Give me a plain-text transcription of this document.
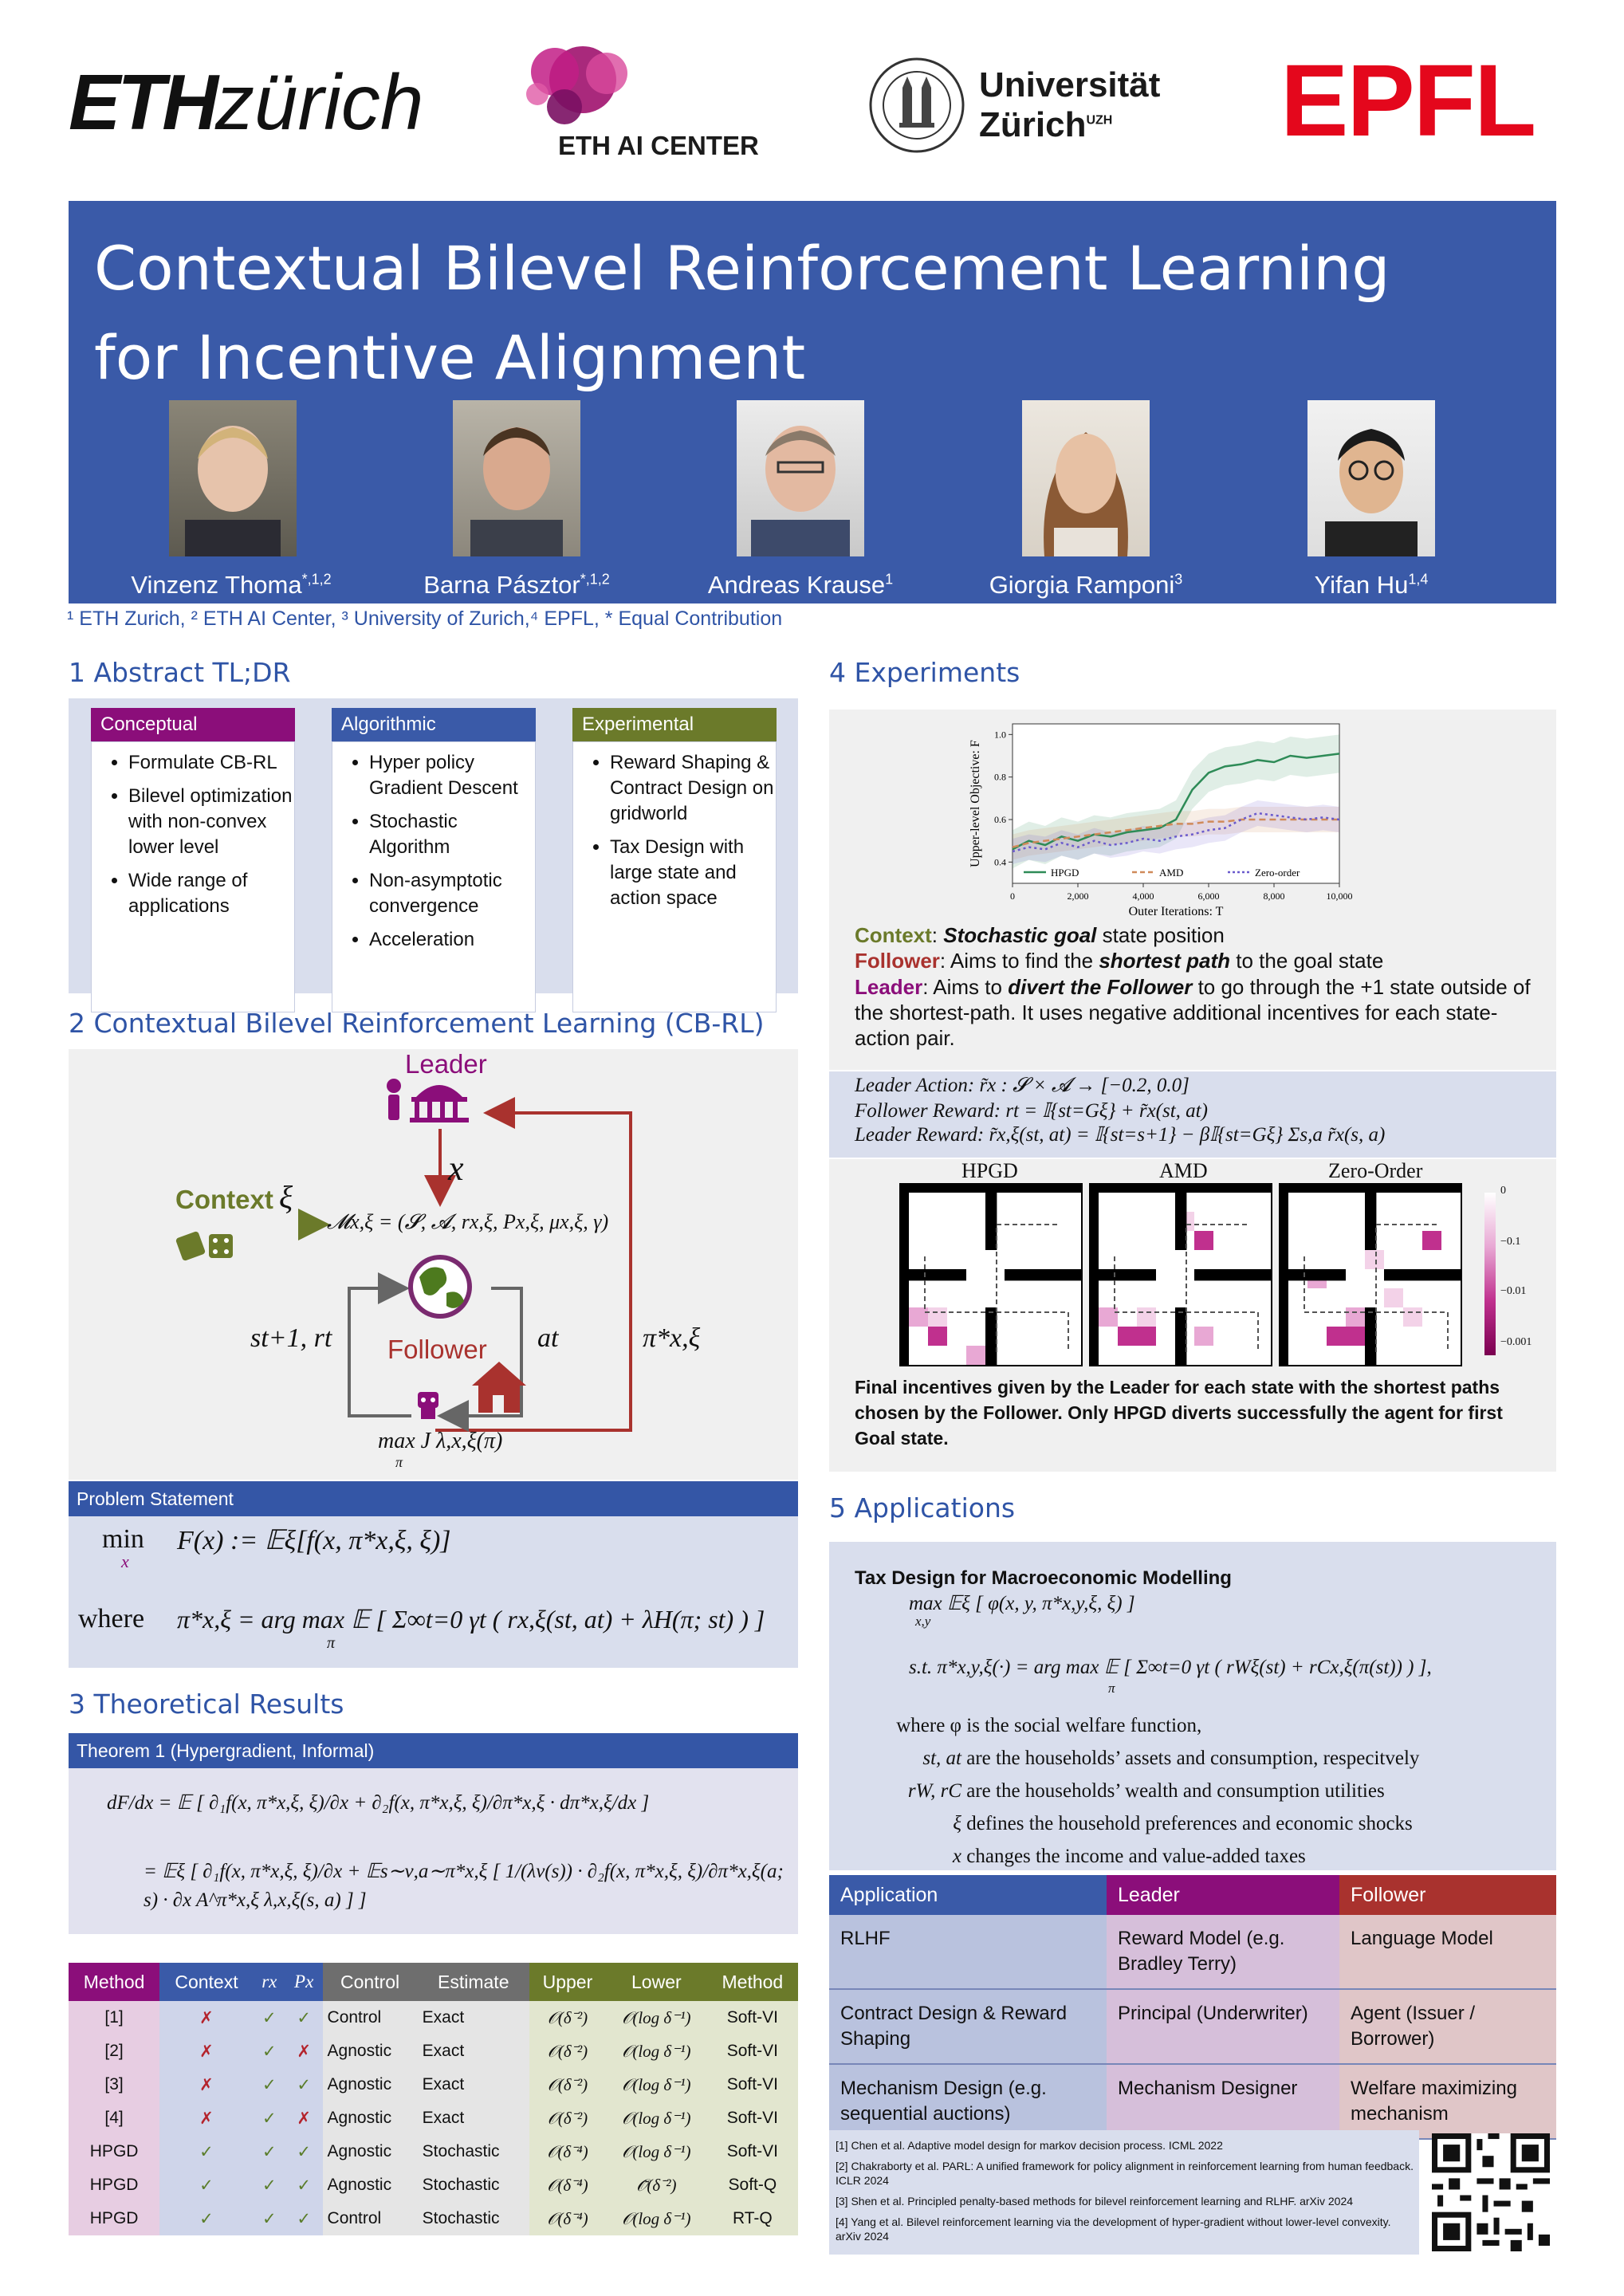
ETHzürich	ETH AI CENTER
Universität
Zürich$^{UZH}$ EPFL
Contextual Bilevel Reinforcement Learning
for Incentive Alignment
Vinzenz Thoma$^{*,1,2}$	Barna Pásztor$^{*,1,2}$	Andreas Krause$^1$	Giorgia Ramponi$^3$	Yifan Hu$^{1,4}$
¹ ETH Zurich, ² ETH AI Center, ³ University of Zurich,⁴ EPFL, * Equal Contribution
1 Abstract TL;DR
Conceptual
• Formulate CB-RL
• Bilevel optimization with non-convex lower level
• Wide range of applications
Algorithmic
• Hyper policy Gradient Descent
• Stochastic Algorithm
• Non-asymptotic convergence
• Acceleration
Experimental
• Reward Shaping & Contract Design on gridworld
• Tax Design with large state and action space
2 Contextual Bilevel Reinforcement Learning (CB-RL)
Leader
x
Context ξ
𝓜x,ξ = (𝓢, 𝓐, rx,ξ, Px,ξ, μx,ξ, γ)
Follower
st+1, rt	at	π*x,ξ
max J λ,x,ξ(π)
π
Problem Statement
min
x
F(x) := 𝔼ξ[f(x, π*x,ξ, ξ)]
where π*x,ξ = arg max 𝔼 [ Σ∞t=0 γt ( rx,ξ(st, at) + λH(π; st) ) ]
π
3 Theoretical Results
Theorem 1 (Hypergradient, Informal)
dF/dx = 𝔼 [ ∂₁f(x, π*x,ξ, ξ)/∂x + ∂₂f(x, π*x,ξ, ξ)/∂π*x,ξ · dπ*x,ξ/dx ]
= 𝔼ξ [ ∂₁f(x, π*x,ξ, ξ)/∂x + 𝔼s∼ν,a∼π*x,ξ [ 1/(λν(s)) · ∂₂f(x, π*x,ξ, ξ)/∂π*x,ξ(a; s) · ∂x A^π*x,ξ λ,x,ξ(s, a) ] ]
Method	Context	rx	Px	Control	Estimate	Upper	Lower	Method
[1]	✗	✓	✓	Control	Exact	𝒪(δ⁻²)	𝒪(log δ⁻¹)	Soft-VI
[2]	✗	✓	✗	Agnostic	Exact	𝒪(δ⁻²)	𝒪(log δ⁻¹)	Soft-VI
[3]	✗	✓	✓	Agnostic	Exact	𝒪(δ⁻²)	𝒪(log δ⁻¹)	Soft-VI
[4]	✗	✓	✗	Agnostic	Exact	𝒪(δ⁻²)	𝒪(log δ⁻¹)	Soft-VI
HPGD	✓	✓	✓	Agnostic	Stochastic	𝒪(δ⁻⁴)	𝒪(log δ⁻¹)	Soft-VI
HPGD	✓	✓	✓	Agnostic	Stochastic	𝒪(δ⁻⁴)	𝒪̃(δ⁻²)	Soft-Q
HPGD	✓	✓	✓	Control	Stochastic	𝒪(δ⁻⁴)	𝒪(log δ⁻¹)	RT-Q
4 Experiments
0	2,000	4,000	6,000	8,000	10,000
0.4
0.6
0.8
1.0
Outer Iterations: T
Upper-level Objective: F
HPGD	AMD	Zero-order
Context: Stochastic goal state position
Follower: Aims to find the shortest path to the goal state
Leader: Aims to divert the Follower to go through the +1 state outside of the shortest-path. It uses negative additional incentives for each state-action pair.
Leader Action: r̃x : 𝓢 × 𝓐 → [−0.2, 0.0]
Follower Reward: rt = 𝕀{st=Gξ} + r̃x(st, at)
Leader Reward: r̃x,ξ(st, at) = 𝕀{st=s+1} − β𝕀{st=Gξ} Σs,a r̃x(s, a)
HPGD	AMD	Zero-Order
0
−0.1
−0.01
−0.001
Final incentives given by the Leader for each state with the shortest paths chosen by the Follower. Only HPGD diverts successfully the agent for first Goal state.
5 Applications
Tax Design for Macroeconomic Modelling
max 𝔼ξ [ φ(x, y, π*x,y,ξ, ξ) ]
x,y
s.t. π*x,y,ξ(·) = arg max 𝔼 [ Σ∞t=0 γt ( rWξ(st) + rCx,ξ(π(st)) ) ],
π
where φ is the social welfare function,
st, at are the households’ assets and consumption, respecitvely
rW, rC are the households’ wealth and consumption utilities
ξ defines the household preferences and economic shocks
x changes the income and value-added taxes
Application	Leader	Follower
RLHF	Reward Model (e.g. Bradley Terry)	Language Model
Contract Design & Reward Shaping	Principal (Underwriter)	Agent (Issuer / Borrower)
Mechanism Design (e.g. sequential auctions)	Mechanism Designer	Welfare maximizing mechanism
[1] Chen et al. Adaptive model design for markov decision process. ICML 2022
[2] Chakraborty et al. PARL: A unified framework for policy alignment in reinforcement learning from human feedback. ICLR 2024
[3] Shen et al. Principled penalty-based methods for bilevel reinforcement learning and RLHF. arXiv 2024
[4] Yang et al. Bilevel reinforcement learning via the development of hyper-gradient without lower-level convexity. arXiv 2024
